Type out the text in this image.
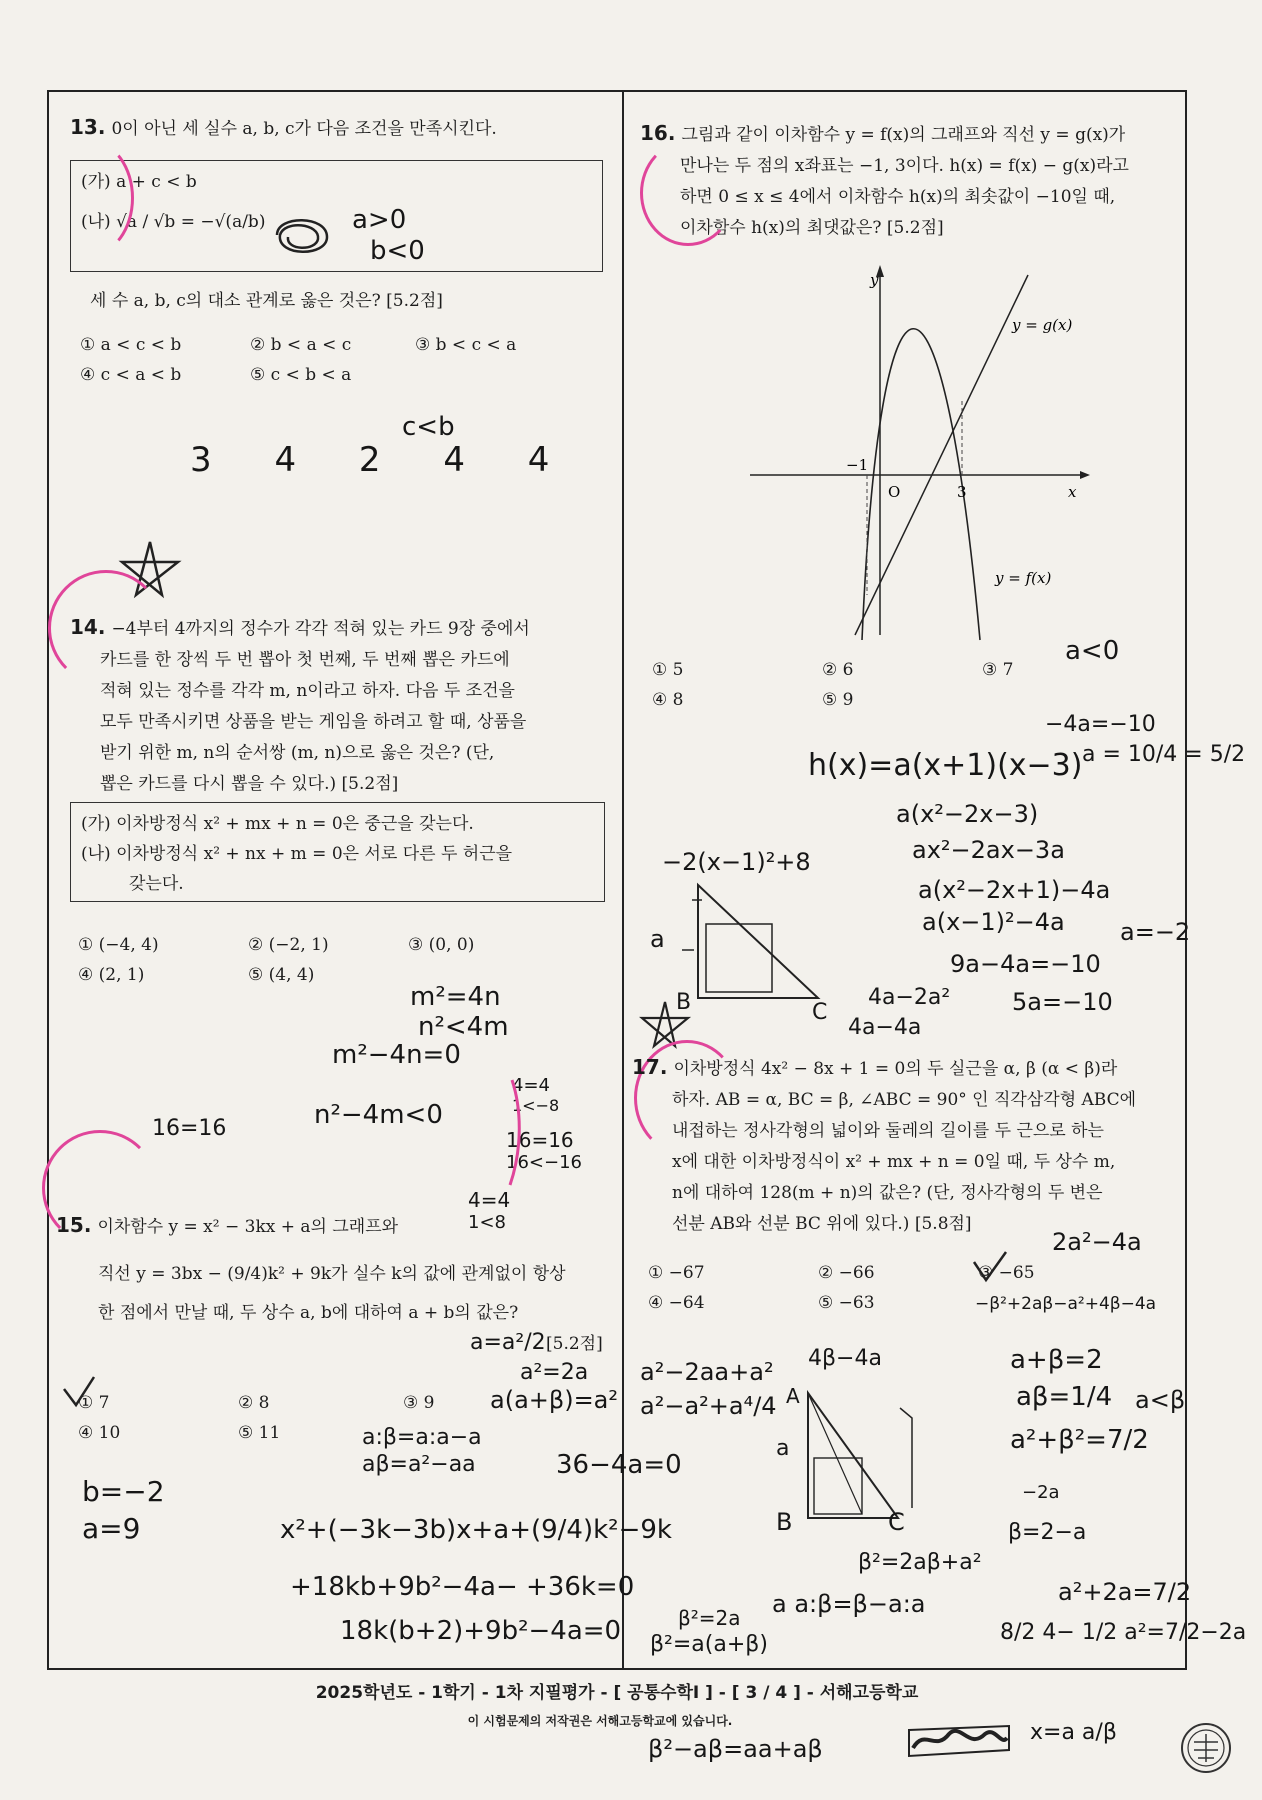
13. 0이 아닌 세 실수 a, b, c가 다음 조건을 만족시킨다.
(가) a + c < b
(나) √a / √b = −√(a/b)
세 수 a, b, c의 대소 관계로 옳은 것은? [5.2점]
① a < c < b	② b < a < c	③ b < c < a
④ c < a < b	⑤ c < b < a
a>0
b<0
c<b
3 4 2 4 4
14. −4부터 4까지의 정수가 각각 적혀 있는 카드 9장 중에서
카드를 한 장씩 두 번 뽑아 첫 번째, 두 번째 뽑은 카드에
적혀 있는 정수를 각각 m, n이라고 하자. 다음 두 조건을
모두 만족시키면 상품을 받는 게임을 하려고 할 때, 상품을
받기 위한 m, n의 순서쌍 (m, n)으로 옳은 것은? (단,
뽑은 카드를 다시 뽑을 수 있다.) [5.2점]
(가) 이차방정식 x² + mx + n = 0은 중근을 갖는다.
(나) 이차방정식 x² + nx + m = 0은 서로 다른 두 허근을
갖는다.
① (−4, 4)	② (−2, 1)	③ (0, 0)
④ (2, 1)	⑤ (4, 4)
m²=4n
n²<4m
m²−4n=0
n²−4m<0
16=16
4=4
1<−8
16=16
16<−16
4=4
1<8
15. 이차함수 y = x² − 3kx + a의 그래프와
직선 y = 3bx − (9/4)k² + 9k가 실수 k의 값에 관계없이 항상
한 점에서 만날 때, 두 상수 a, b에 대하여 a + b의 값은?
[5.2점]
① 7	② 8	③ 9
④ 10	⑤ 11
a=a²/2
a²=2a
a(a+β)=a²
a:β=a:a−a
aβ=a²−aa	36−4a=0
b=−2
a=9	x²+(−3k−3b)x+a+(9/4)k²−9k
+18kb+9b²−4a− +36k=0
18k(b+2)+9b²−4a=0
16. 그림과 같이 이차함수 y = f(x)의 그래프와 직선 y = g(x)가
만나는 두 점의 x좌표는 −1, 3이다. h(x) = f(x) − g(x)라고
하면 0 ≤ x ≤ 4에서 이차함수 h(x)의 최솟값이 −10일 때,
이차함수 h(x)의 최댓값은? [5.2점]
y
x
O
−1
3
y = g(x)
y = f(x)
① 5	② 6	③ 7
④ 8	⑤ 9
a<0
−4a=−10
a = 10/4 = 5/2
h(x)=a(x+1)(x−3)
a(x²−2x−3)
ax²−2ax−3a
−2(x−1)²+8
a(x²−2x+1)−4a
a(x−1)²−4a a=−2
9a−4a=−10
4a−2a²	5a=−10
4a−4a
a
B	C
17. 이차방정식 4x² − 8x + 1 = 0의 두 실근을 α, β (α < β)라
하자. AB = α, BC = β, ∠ABC = 90° 인 직각삼각형 ABC에
내접하는 정사각형의 넓이와 둘레의 길이를 두 근으로 하는
x에 대한 이차방정식이 x² + mx + n = 0일 때, 두 상수 m,
n에 대하여 128(m + n)의 값은? (단, 정사각형의 두 변은
선분 AB와 선분 BC 위에 있다.) [5.8점]
① −67	② −66	③ −65
④ −64	⑤ −63
2a²−4a
−β²+2aβ−a²+4β−4a
a²−2aa+a²
a²−a²+a⁴/4
4β−4a	a+β=2
aβ=1/4 a<β
a²+β²=7/2
−2a
β=2−a
β²=2aβ+a²
a a:β=β−a:a	a²+2a=7/2
β²=2a
β²=a(a+β)	8/2 4− 1/2 a²=7/2−2a
A
a
B	C
2025학년도 - 1학기 - 1차 지필평가 - [ 공통수학Ⅰ ] - [ 3 / 4 ] - 서해고등학교
이 시험문제의 저작권은 서해고등학교에 있습니다.
β²−aβ=aa+aβ
x=a a/β
